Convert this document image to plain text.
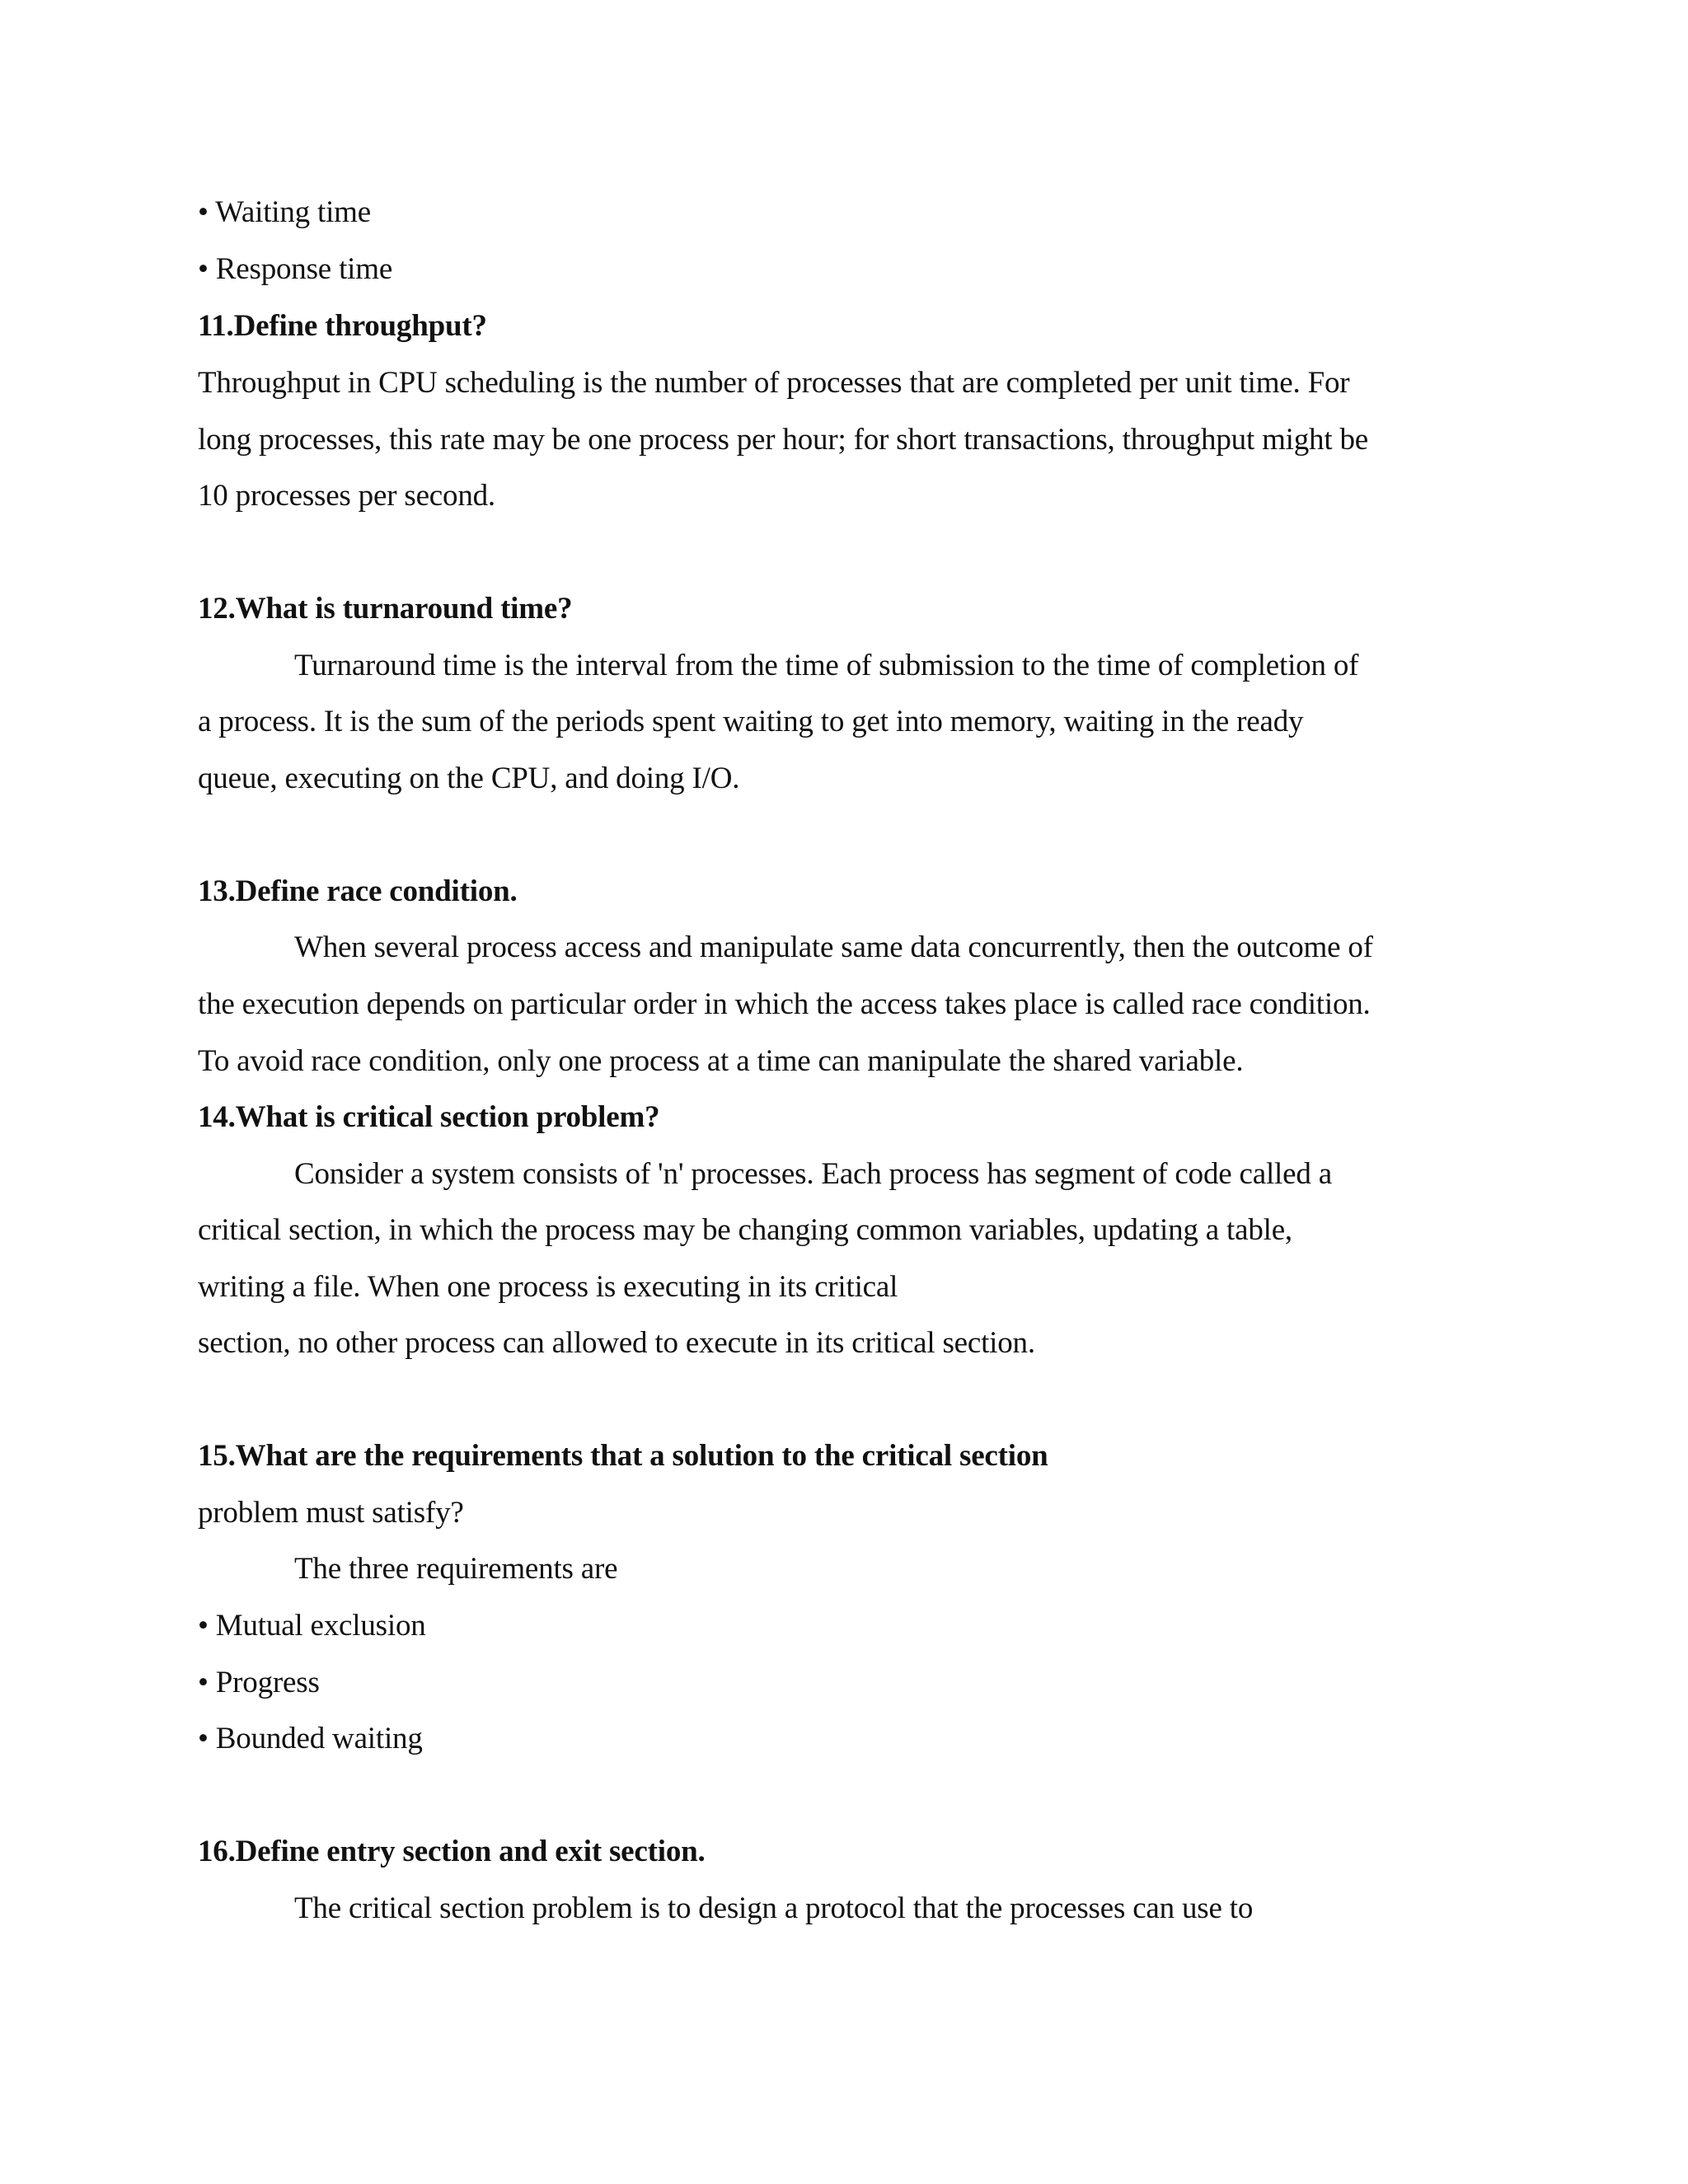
• Waiting time

• Response time

11.Define throughput?

Throughput in CPU scheduling is the number of processes that are completed per unit time. For

long processes, this rate may be one process per hour; for short transactions, throughput might be

10 processes per second.

12.What is turnaround time?

Turnaround time is the interval from the time of submission to the time of completion of

a process. It is the sum of the periods spent waiting to get into memory, waiting in the ready

queue, executing on the CPU, and doing I/O.

13.Define race condition.

When several process access and manipulate same data concurrently, then the outcome of

the execution depends on particular order in which the access takes place is called race condition.

To avoid race condition, only one process at a time can manipulate the shared variable.

14.What is critical section problem?

Consider a system consists of 'n' processes. Each process has segment of code called a

critical section, in which the process may be changing common variables, updating a table,

writing a file. When one process is executing in its critical

section, no other process can allowed to execute in its critical section.

15.What are the requirements that a solution to the critical section

problem must satisfy?

The three requirements are

• Mutual exclusion

• Progress

• Bounded waiting

16.Define entry section and exit section.

The critical section problem is to design a protocol that the processes can use to
